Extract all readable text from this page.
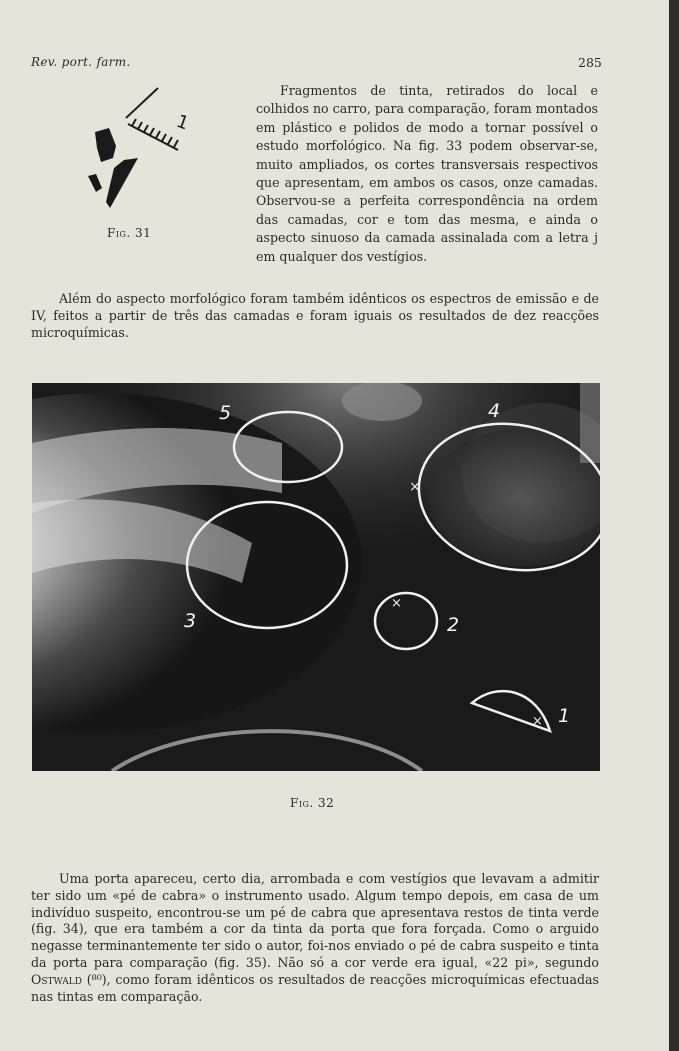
Rev. port. farm.	285
1
Fig. 31

Fragmentos de tinta, retirados do local e colhidos no carro, para comparação, foram montados em plástico e polidos de modo a tornar possível o estudo morfológico. Na fig. 33 podem observar-se, muito ampliados, os cortes transversais respectivos que apresentam, em ambos os casos, onze camadas. Observou-se a perfeita correspondência na ordem das camadas, cor e tom das mesma, e ainda o aspecto sinuoso da camada assinalada com a letra j em qualquer dos vestígios.

Além do aspecto morfológico foram também idênticos os espectros de emissão e de IV, feitos a partir de três das camadas e foram iguais os resultados de dez reacções microquímicas.

×
×
×
5	4
3	2
1
Fig. 32

Uma porta apareceu, certo dia, arrombada e com vestígios que levavam a admitir ter sido um «pé de cabra» o instrumento usado. Algum tempo depois, em casa de um indivíduo suspeito, encontrou-se um pé de cabra que apresentava restos de tinta verde (fig. 34), que era também a cor da tinta da porta que fora forçada. Como o arguido negasse terminantemente ter sido o autor, foi-nos enviado o pé de cabra suspeito e tinta da porta para comparação (fig. 35). Não só a cor verde era igual, «22 pi», segundo Ostwald (⁸⁰), como foram idênticos os resultados de reacções microquímicas efectuadas nas tintas em comparação.
